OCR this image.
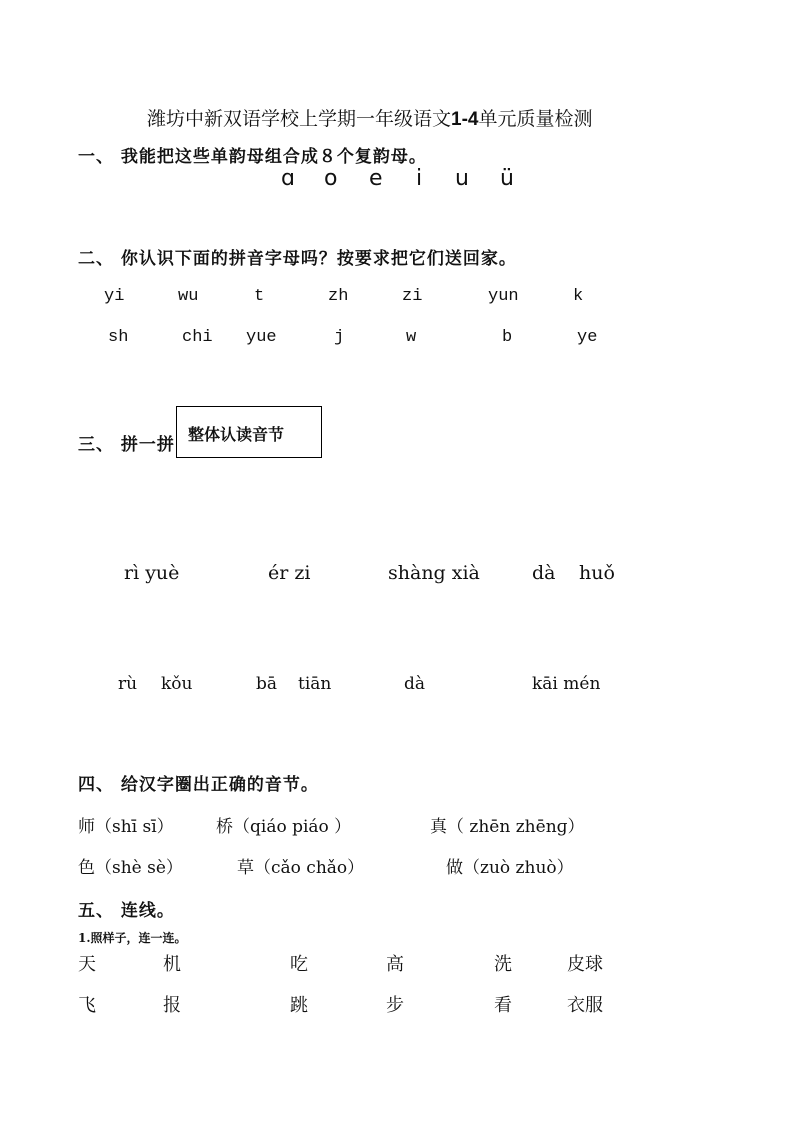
潍坊中新双语学校上学期一年级语文1-4单元质量检测
一、 我能把这些单韵母组合成８个复韵母。
ɑ o e i u ü
二、 你认识下面的拼音字母吗？按要求把它们送回家。
yi	wu	t	zh	zi	yun	k
sh	chi yue	j	w	b	ye
三、 拼一拼
整体认读音节
rì yuè	ér zi	shàng xià	dà huǒ
rù kǒu	bā tiān	dà	kāi mén
四、 给汉字圈出正确的音节。
师（shī sī） 桥（qiáo piáo ）	真（ zhēn zhēnɡ）
色（shè sè）	草（cǎo chǎo）	做（zuò zhuò）
五、 连线。
1.照样子，连一连。
天	机	吃	高	洗	皮球
飞	报	跳	步	看	衣服
